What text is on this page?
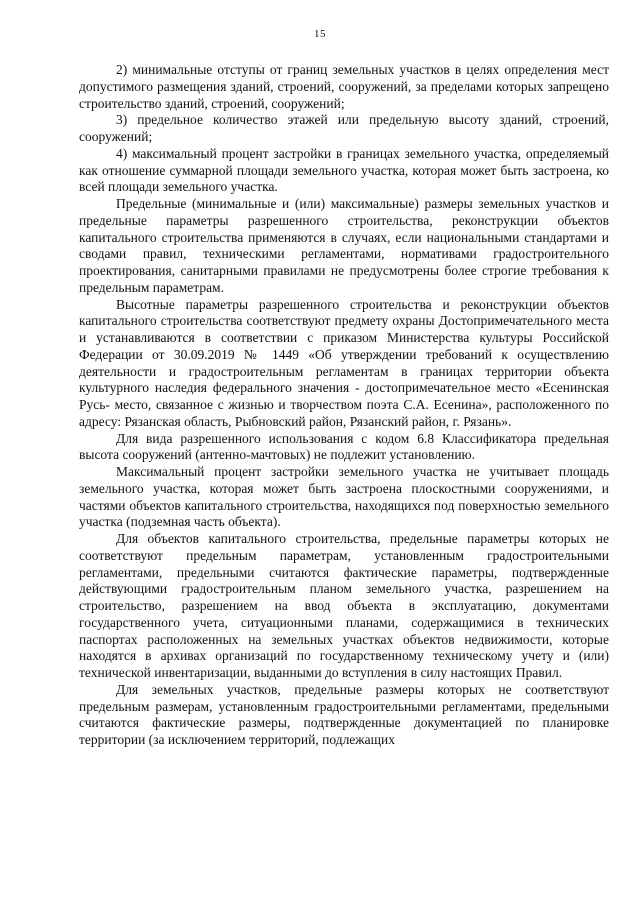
15

2) минимальные отступы от границ земельных участков в целях определения мест допустимого размещения зданий, строений, сооружений, за пределами которых запрещено строительство зданий, строений, сооружений;

3) предельное количество этажей или предельную высоту зданий, строений, сооружений;

4) максимальный процент застройки в границах земельного участка, определяемый как отношение суммарной площади земельного участка, которая может быть застроена, ко всей площади земельного участка.

Предельные (минимальные и (или) максимальные) размеры земельных участков и предельные параметры разрешенного строительства, реконструкции объектов капитального строительства применяются в случаях, если национальными стандартами и сводами правил, техническими регламентами, нормативами градостроительного проектирования, санитарными правилами не предусмотрены более строгие требования к предельным параметрам.

Высотные параметры разрешенного строительства и реконструкции объектов капитального строительства соответствуют предмету охраны Достопримечательного места и устанавливаются в соответствии с приказом Министерства культуры Российской Федерации от 30.09.2019 № 1449 «Об утверждении требований к осуществлению деятельности и градостроительным регламентам в границах территории объекта культурного наследия федерального значения - достопримечательное место «Есенинская Русь- место, связанное с жизнью и творчеством поэта С.А. Есенина», расположенного по адресу: Рязанская область, Рыбновский район, Рязанский район, г. Рязань».

Для вида разрешенного использования с кодом 6.8 Классификатора предельная высота сооружений (антенно-мачтовых) не подлежит установлению.

Максимальный процент застройки земельного участка не учитывает площадь земельного участка, которая может быть застроена плоскостными сооружениями, и частями объектов капитального строительства, находящихся под поверхностью земельного участка (подземная часть объекта).

Для объектов капитального строительства, предельные параметры которых не соответствуют предельным параметрам, установленным градостроительными регламентами, предельными считаются фактические параметры, подтвержденные действующими градостроительным планом земельного участка, разрешением на строительство, разрешением на ввод объекта в эксплуатацию, документами государственного учета, ситуационными планами, содержащимися в технических паспортах расположенных на земельных участках объектов недвижимости, которые находятся в архивах организаций по государственному техническому учету и (или) технической инвентаризации, выданными до вступления в силу настоящих Правил.

Для земельных участков, предельные размеры которых не соответствуют предельным размерам, установленным градостроительными регламентами, предельными считаются фактические размеры, подтвержденные документацией по планировке территории (за исключением территорий, подлежащих
